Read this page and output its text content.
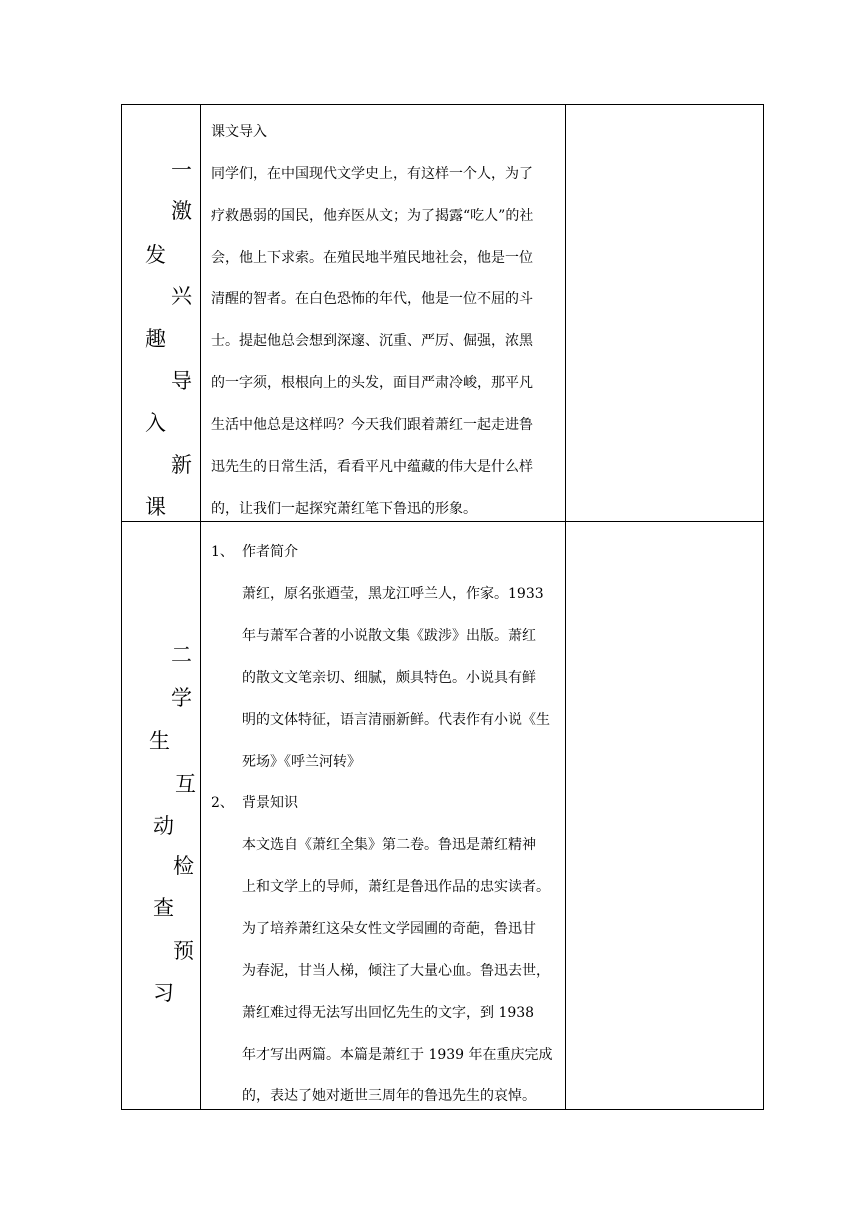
一
激
发
兴
趣
导
入
新
课
课文导入
同学们，在中国现代文学史上，有这样一个人，为了
疗救愚弱的国民，他弃医从文；为了揭露“吃人”的社
会，他上下求索。在殖民地半殖民地社会，他是一位
清醒的智者。在白色恐怖的年代，他是一位不屈的斗
士。提起他总会想到深邃、沉重、严厉、倔强，浓黑
的一字须，根根向上的头发，面目严肃冷峻，那平凡
生活中他总是这样吗？今天我们跟着萧红一起走进鲁
迅先生的日常生活，看看平凡中蕴藏的伟大是什么样
的，让我们一起探究萧红笔下鲁迅的形象。
二
学
生
互
动
检
查
预
习
1、 作者简介
萧红，原名张逎莹，黑龙江呼兰人，作家。1933
年与萧军合著的小说散文集《跋涉》出版。萧红
的散文文笔亲切、细腻，颇具特色。小说具有鲜
明的文体特征，语言清丽新鲜。代表作有小说《生
死场》《呼兰河转》
2、 背景知识
本文选自《萧红全集》第二卷。鲁迅是萧红精神
上和文学上的导师，萧红是鲁迅作品的忠实读者。
为了培养萧红这朵女性文学园圃的奇葩，鲁迅甘
为春泥，甘当人梯，倾注了大量心血。鲁迅去世，
萧红难过得无法写出回忆先生的文字，到 1938
年才写出两篇。本篇是萧红于 1939 年在重庆完成
的，表达了她对逝世三周年的鲁迅先生的哀悼。
